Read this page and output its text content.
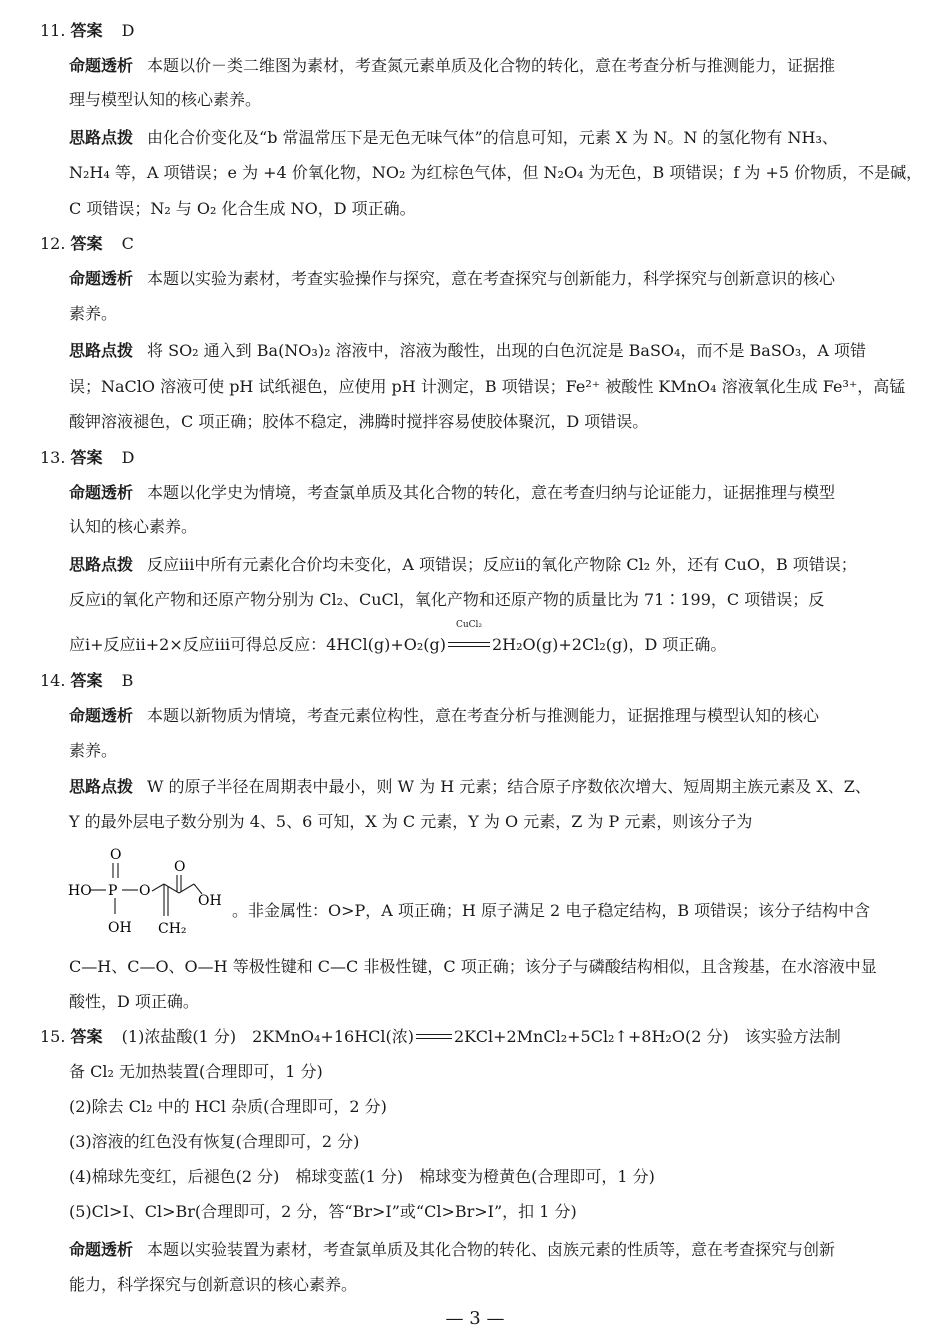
11. 答案 D
命题透析 本题以价－类二维图为素材，考查氮元素单质及化合物的转化，意在考查分析与推测能力，证据推
理与模型认知的核心素养。
思路点拨 由化合价变化及“b 常温常压下是无色无味气体”的信息可知，元素 X 为 N。N 的氢化物有 NH₃、
N₂H₄ 等，A 项错误；e 为 +4 价氧化物，NO₂ 为红棕色气体，但 N₂O₄ 为无色，B 项错误；f 为 +5 价物质，不是碱，
C 项错误；N₂ 与 O₂ 化合生成 NO，D 项正确。
12. 答案 C
命题透析 本题以实验为素材，考查实验操作与探究，意在考查探究与创新能力，科学探究与创新意识的核心
素养。
思路点拨 将 SO₂ 通入到 Ba(NO₃)₂ 溶液中，溶液为酸性，出现的白色沉淀是 BaSO₄，而不是 BaSO₃，A 项错
误；NaClO 溶液可使 pH 试纸褪色，应使用 pH 计测定，B 项错误；Fe²⁺ 被酸性 KMnO₄ 溶液氧化生成 Fe³⁺，高锰
酸钾溶液褪色，C 项正确；胶体不稳定，沸腾时搅拌容易使胶体聚沉，D 项错误。
13. 答案 D
命题透析 本题以化学史为情境，考查氯单质及其化合物的转化，意在考查归纳与论证能力，证据推理与模型
认知的核心素养。
思路点拨 反应ⅲ中所有元素化合价均未变化，A 项错误；反应ⅱ的氧化产物除 Cl₂ 外，还有 CuO，B 项错误；
反应ⅰ的氧化产物和还原产物分别为 Cl₂、CuCl，氧化产物和还原产物的质量比为 71∶199，C 项错误；反
应ⅰ+反应ⅱ+2×反应ⅲ可得总反应：4HCl(g)+O₂(g)
CuCl₂
2H₂O(g)+2Cl₂(g)，D 项正确。
14. 答案 B
命题透析 本题以新物质为情境，考查元素位构性，意在考查分析与推测能力，证据推理与模型认知的核心
素养。
思路点拨 W 的原子半径在周期表中最小，则 W 为 H 元素；结合原子序数依次增大、短周期主族元素及 X、Z、
Y 的最外层电子数分别为 4、5、6 可知，X 为 C 元素，Y 为 O 元素，Z 为 P 元素，则该分子为
O
HO P O
OH CH₂
O
OH 。非金属性：O>P，A 项正确；H 原子满足 2 电子稳定结构，B 项错误；该分子结构中含
C—H、C—O、O—H 等极性键和 C—C 非极性键，C 项正确；该分子与磷酸结构相似，且含羧基，在水溶液中显
酸性，D 项正确。
15. 答案 (1)浓盐酸(1 分)　2KMnO₄+16HCl(浓)	2KCl+2MnCl₂+5Cl₂↑+8H₂O(2 分)　该实验方法制
备 Cl₂ 无加热装置(合理即可，1 分)
(2)除去 Cl₂ 中的 HCl 杂质(合理即可，2 分)
(3)溶液的红色没有恢复(合理即可，2 分)
(4)棉球先变红，后褪色(2 分)　棉球变蓝(1 分)　棉球变为橙黄色(合理即可，1 分)
(5)Cl>I、Cl>Br(合理即可，2 分，答“Br>I”或“Cl>Br>I”，扣 1 分)
命题透析 本题以实验装置为素材，考查氯单质及其化合物的转化、卤族元素的性质等，意在考查探究与创新
能力，科学探究与创新意识的核心素养。
— 3 —
